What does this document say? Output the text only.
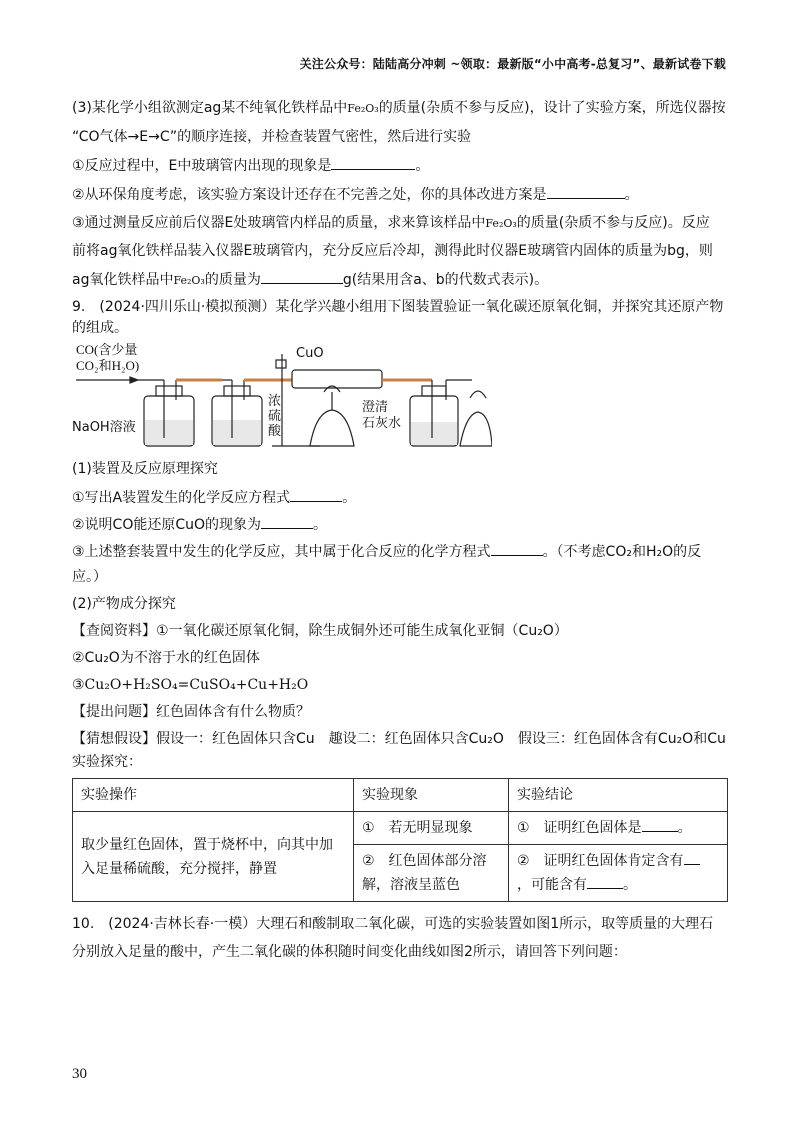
关注公众号：陆陆高分冲刺 ~领取：最新版“小中高考-总复习”、最新试卷下载
(3)某化学小组欲测定ag某不纯氧化铁样品中Fe₂O₃的质量(杂质不参与反应)，设计了实验方案，所选仪器按
“CO气体→E→C”的顺序连接，并检查装置气密性，然后进行实验
①反应过程中，E中玻璃管内出现的现象是	。
②从环保角度考虑，该实验方案设计还存在不完善之处，你的具体改进方案是	。
③通过测量反应前后仪器E处玻璃管内样品的质量，求来算该样品中Fe₂O₃的质量(杂质不参与反应)。反应
前将ag氧化铁样品装入仪器E玻璃管内，充分反应后冷却，测得此时仪器E玻璃管内固体的质量为bg，则
ag氧化铁样品中Fe₂O₃的质量为	g(结果用含a、b的代数式表示)。
9.　(2024·四川乐山·模拟预测）某化学兴趣小组用下图装置验证一氧化碳还原氧化铜，并探究其还原产物
的组成。
CO(含少量
CO₂和H₂O)
NaOH溶液
浓
硫
酸
CuO
澄清
石灰水
(1)装置及反应原理探究
①写出A装置发生的化学反应方程式	。
②说明CO能还原CuO的现象为	。
③上述整套装置中发生的化学反应，其中属于化合反应的化学方程式	。（不考虑CO₂和H₂O的反
应。）
(2)产物成分探究
【查阅资料】①一氧化碳还原氧化铜，除生成铜外还可能生成氧化亚铜（Cu₂O）
②Cu₂O为不溶于水的红色固体
③Cu₂O+H₂SO₄=CuSO₄+Cu+H₂O
【提出问题】红色固体含有什么物质？
【猜想假设】假设一：红色固体只含Cu　趣设二：红色固体只含Cu₂O　假设三：红色固体含有Cu₂O和Cu
实验探究：
实验操作	实验现象	实验结论
取少量红色固体，置于烧杯中，向其中加入足量稀硫酸，充分搅拌，静置	①　若无明显现象	①　证明红色固体是 。
	②　红色固体部分溶解，溶液呈蓝色	②　证明红色固体肯定含有
，可能含有 。
10.　(2024·吉林长春·一模）大理石和酸制取二氧化碳，可选的实验装置如图1所示，取等质量的大理石
分别放入足量的酸中，产生二氧化碳的体积随时间变化曲线如图2所示，请回答下列问题：
30
